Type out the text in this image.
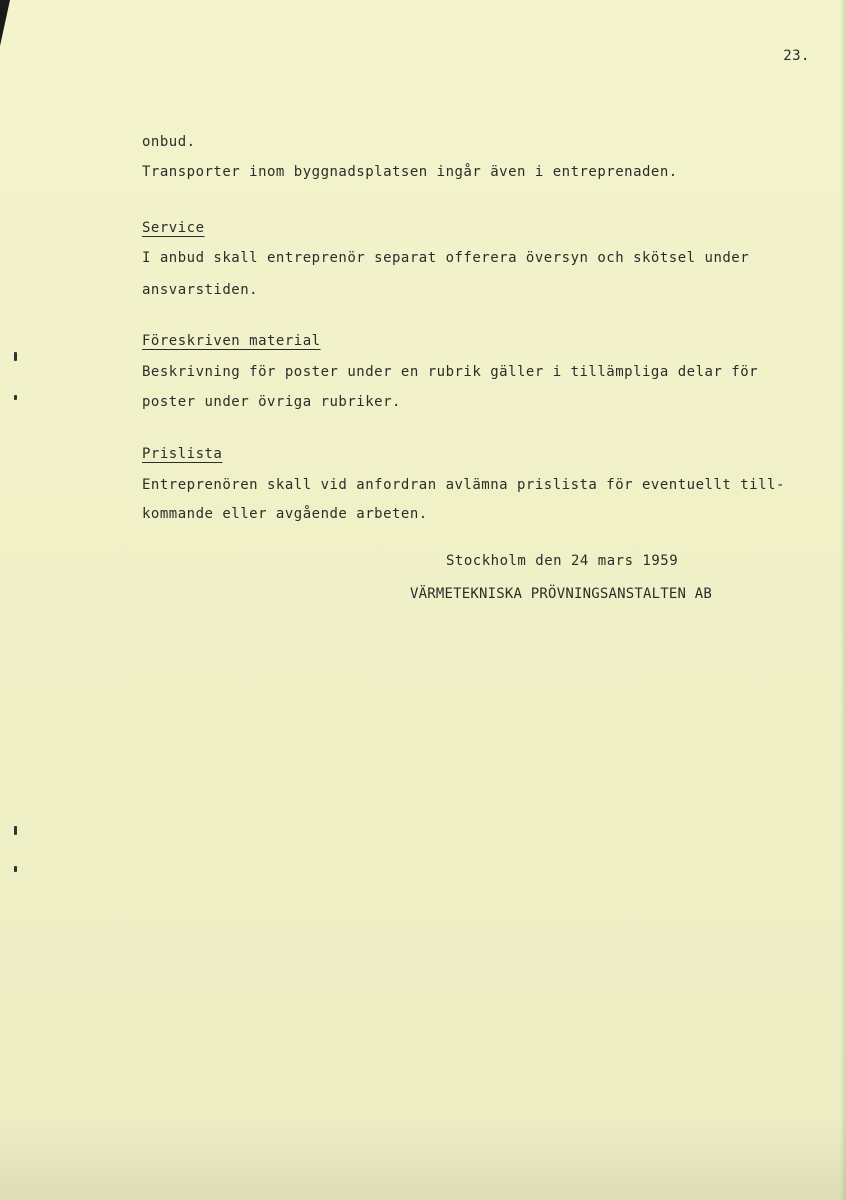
23.
onbud.
Transporter inom byggnadsplatsen ingår även i entreprenaden.
Service
I anbud skall entreprenör separat offerera översyn och skötsel under
ansvarstiden.
Föreskriven material
Beskrivning för poster under en rubrik gäller i tillämpliga delar för
poster under övriga rubriker.
Prislista
Entreprenören skall vid anfordran avlämna prislista för eventuellt till-
kommande eller avgående arbeten.
Stockholm den 24 mars 1959
VÄRMETEKNISKA PRÖVNINGSANSTALTEN AB
